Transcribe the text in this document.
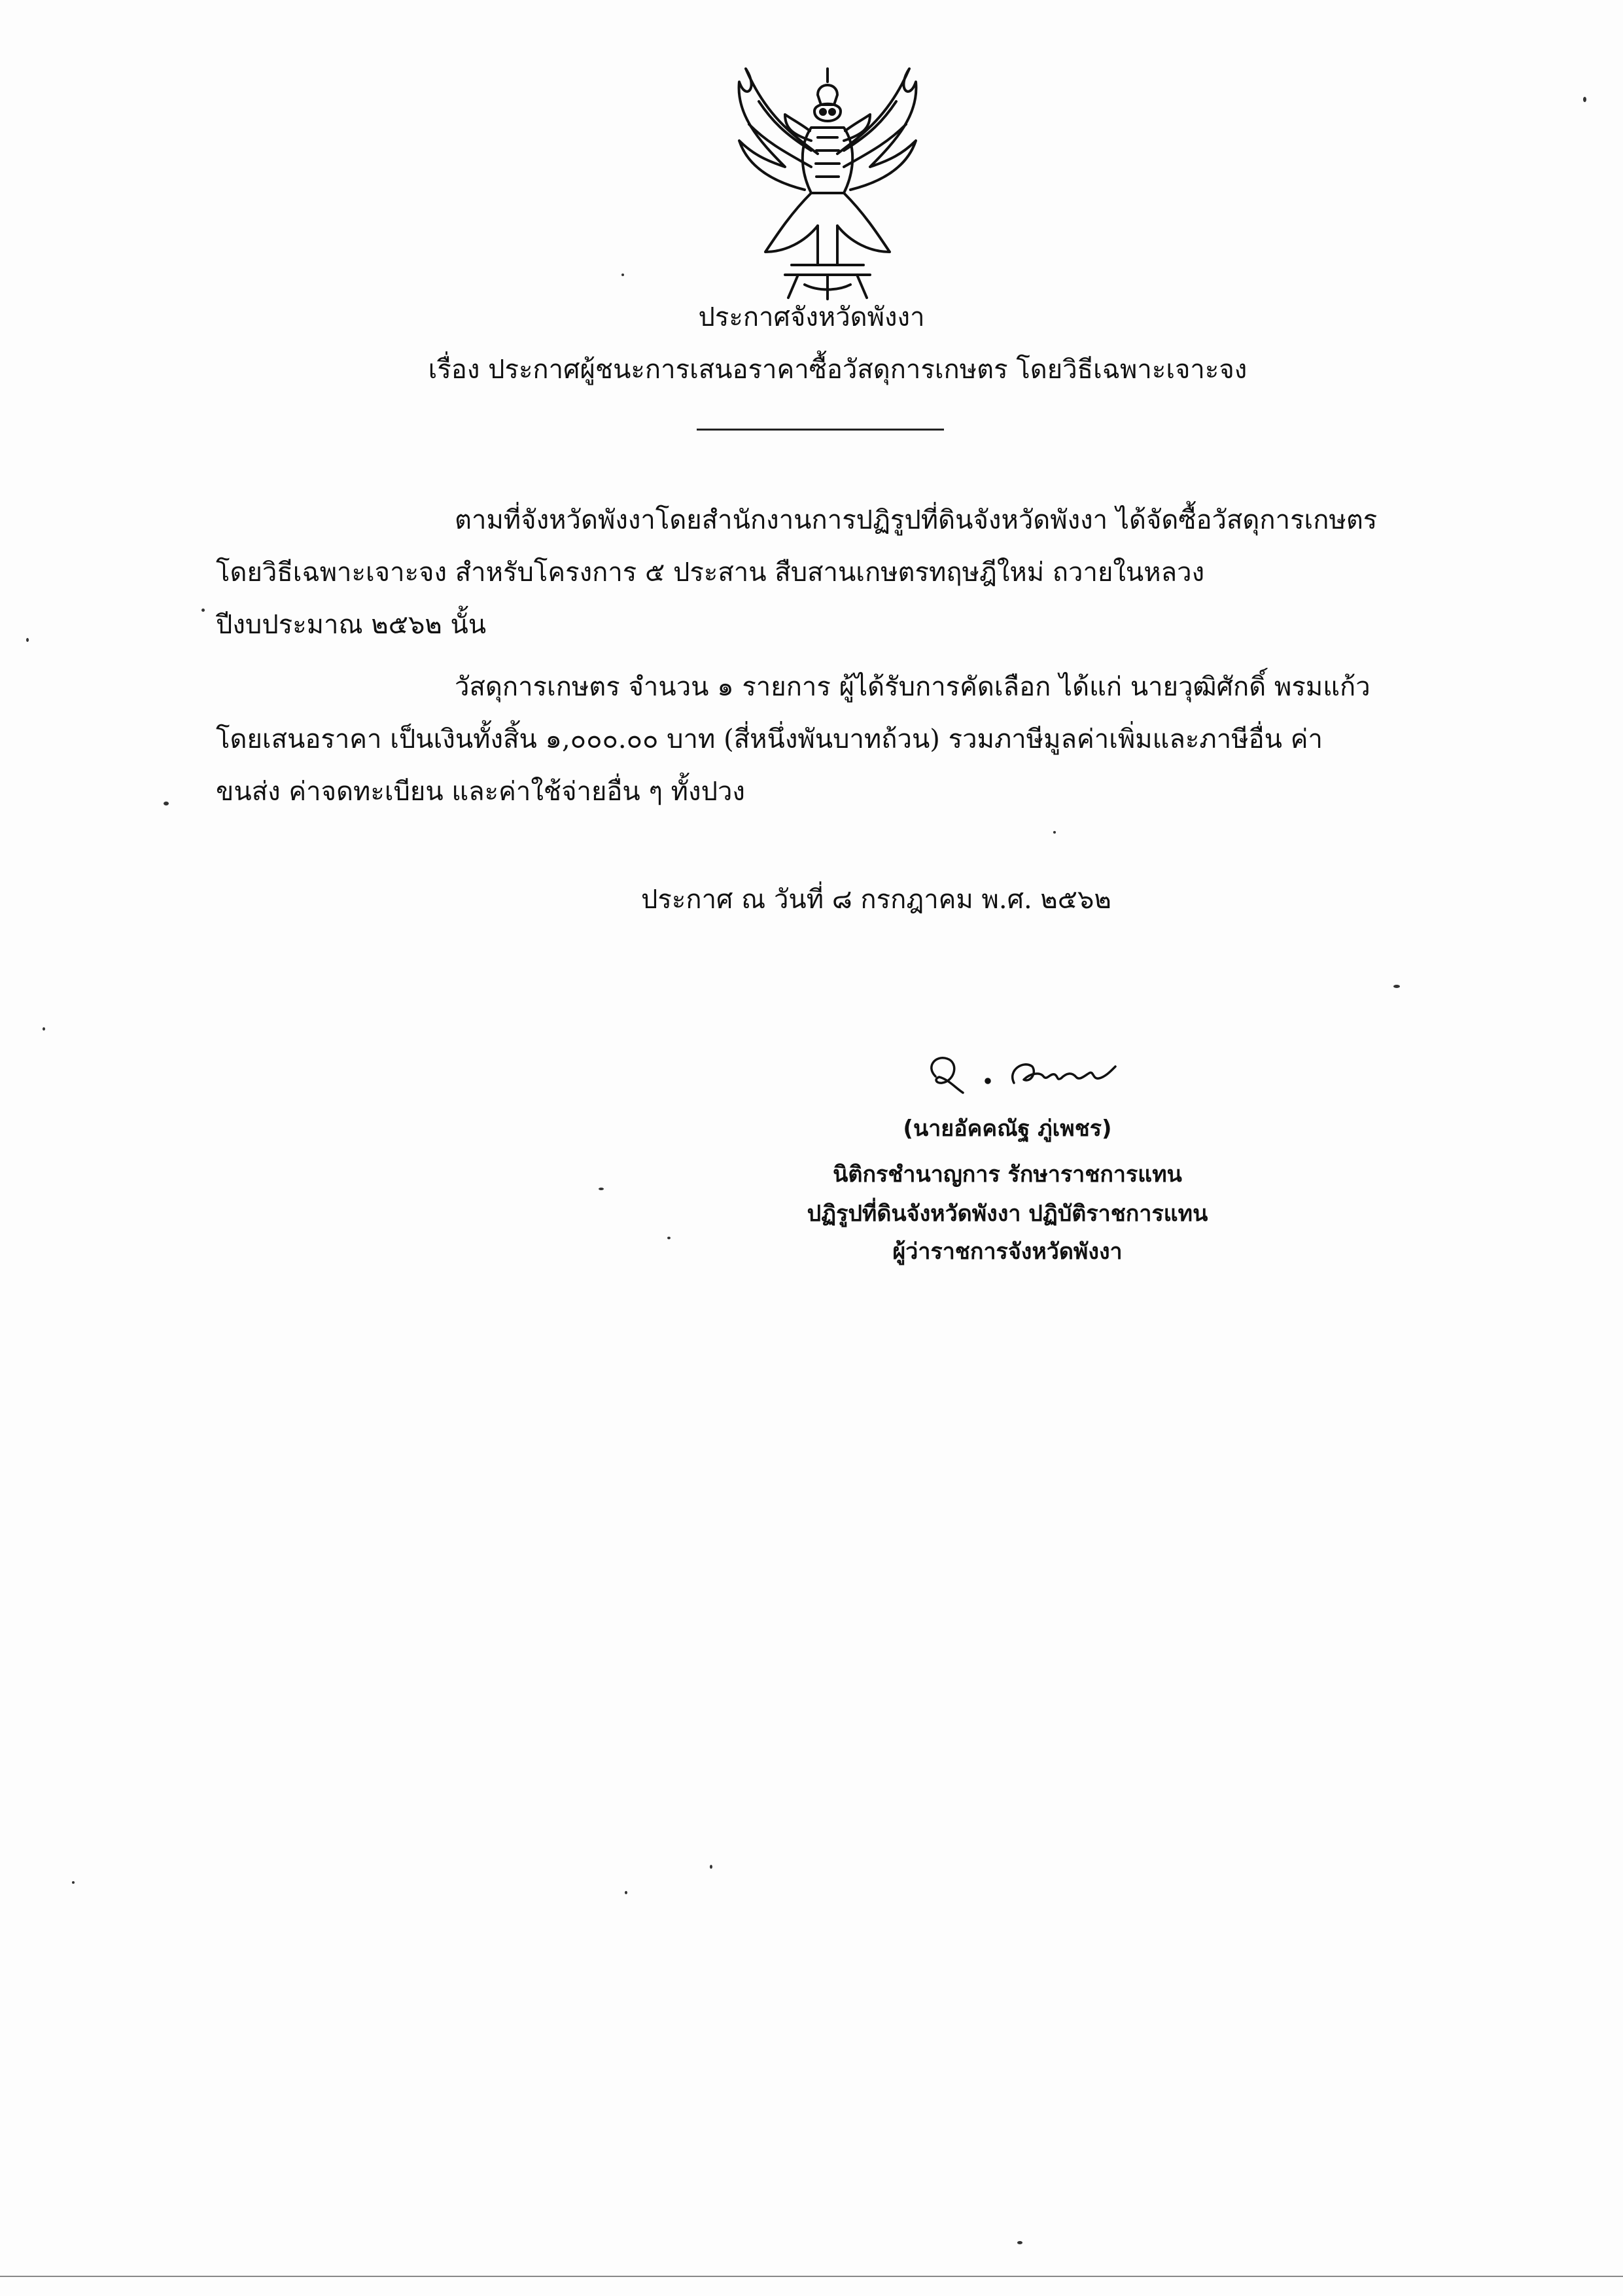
ประกาศจังหวัดพังงา
เรื่อง ประกาศผู้ชนะการเสนอราคาซื้อวัสดุการเกษตร โดยวิธีเฉพาะเจาะจง
ตามที่จังหวัดพังงาโดยสำนักงานการปฏิรูปที่ดินจังหวัดพังงา ได้จัดซื้อวัสดุการเกษตร
โดยวิธีเฉพาะเจาะจง สำหรับโครงการ ๕ ประสาน สืบสานเกษตรทฤษฎีใหม่ ถวายในหลวง
ปีงบประมาณ ๒๕๖๒ นั้น
วัสดุการเกษตร จำนวน ๑ รายการ ผู้ได้รับการคัดเลือก ได้แก่ นายวุฒิศักดิ์ พรมแก้ว
โดยเสนอราคา เป็นเงินทั้งสิ้น ๑,๐๐๐.๐๐ บาท (สี่หนึ่งพันบาทถ้วน) รวมภาษีมูลค่าเพิ่มและภาษีอื่น ค่า
ขนส่ง ค่าจดทะเบียน และค่าใช้จ่ายอื่น ๆ ทั้งปวง
ประกาศ ณ วันที่ ๘ กรกฎาคม พ.ศ. ๒๕๖๒
(นายอัคคณัฐ ภู่เพชร)
นิติกรชำนาญการ รักษาราชการแทน
ปฏิรูปที่ดินจังหวัดพังงา ปฏิบัติราชการแทน
ผู้ว่าราชการจังหวัดพังงา
